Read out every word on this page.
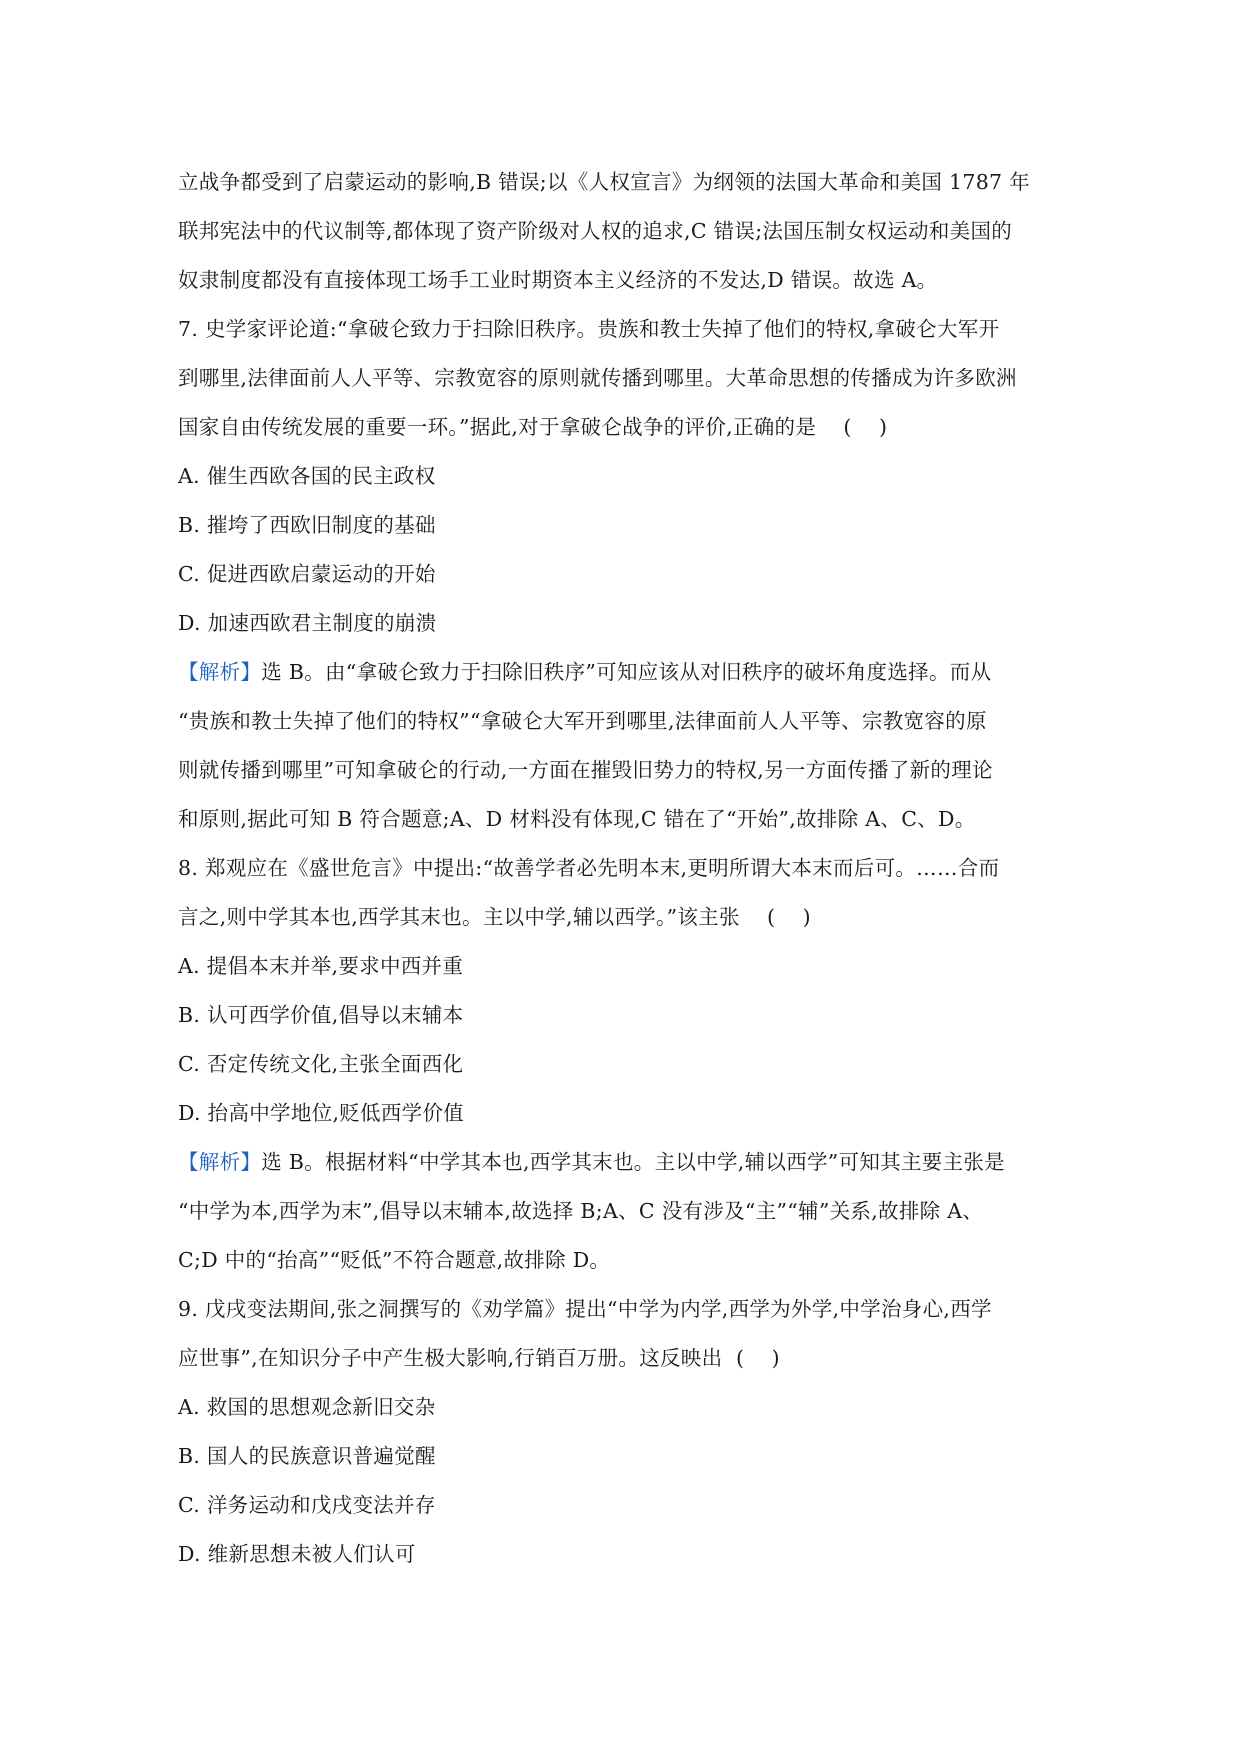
立战争都受到了启蒙运动的影响,B 错误;以《人权宣言》为纲领的法国大革命和美国 1787 年
联邦宪法中的代议制等,都体现了资产阶级对人权的追求,C 错误;法国压制女权运动和美国的
奴隶制度都没有直接体现工场手工业时期资本主义经济的不发达,D 错误。故选 A。
7. 史学家评论道:“拿破仑致力于扫除旧秩序。贵族和教士失掉了他们的特权,拿破仑大军开
到哪里,法律面前人人平等、宗教宽容的原则就传播到哪里。大革命思想的传播成为许多欧洲
国家自由传统发展的重要一环。”据此,对于拿破仑战争的评价,正确的是    (    )
A. 催生西欧各国的民主政权
B. 摧垮了西欧旧制度的基础
C. 促进西欧启蒙运动的开始
D. 加速西欧君主制度的崩溃
【解析】选 B。由“拿破仑致力于扫除旧秩序”可知应该从对旧秩序的破坏角度选择。而从
“贵族和教士失掉了他们的特权”“拿破仑大军开到哪里,法律面前人人平等、宗教宽容的原
则就传播到哪里”可知拿破仑的行动,一方面在摧毁旧势力的特权,另一方面传播了新的理论
和原则,据此可知 B 符合题意;A、D 材料没有体现,C 错在了“开始”,故排除 A、C、D。
8. 郑观应在《盛世危言》中提出:“故善学者必先明本末,更明所谓大本末而后可。……合而
言之,则中学其本也,西学其末也。主以中学,辅以西学。”该主张    (    )
A. 提倡本末并举,要求中西并重
B. 认可西学价值,倡导以末辅本
C. 否定传统文化,主张全面西化
D. 抬高中学地位,贬低西学价值
【解析】选 B。根据材料“中学其本也,西学其末也。主以中学,辅以西学”可知其主要主张是
“中学为本,西学为末”,倡导以末辅本,故选择 B;A、C 没有涉及“主”“辅”关系,故排除 A、
C;D 中的“抬高”“贬低”不符合题意,故排除 D。
9. 戊戌变法期间,张之洞撰写的《劝学篇》提出“中学为内学,西学为外学,中学治身心,西学
应世事”,在知识分子中产生极大影响,行销百万册。这反映出  (    )
A. 救国的思想观念新旧交杂
B. 国人的民族意识普遍觉醒
C. 洋务运动和戊戌变法并存
D. 维新思想未被人们认可
